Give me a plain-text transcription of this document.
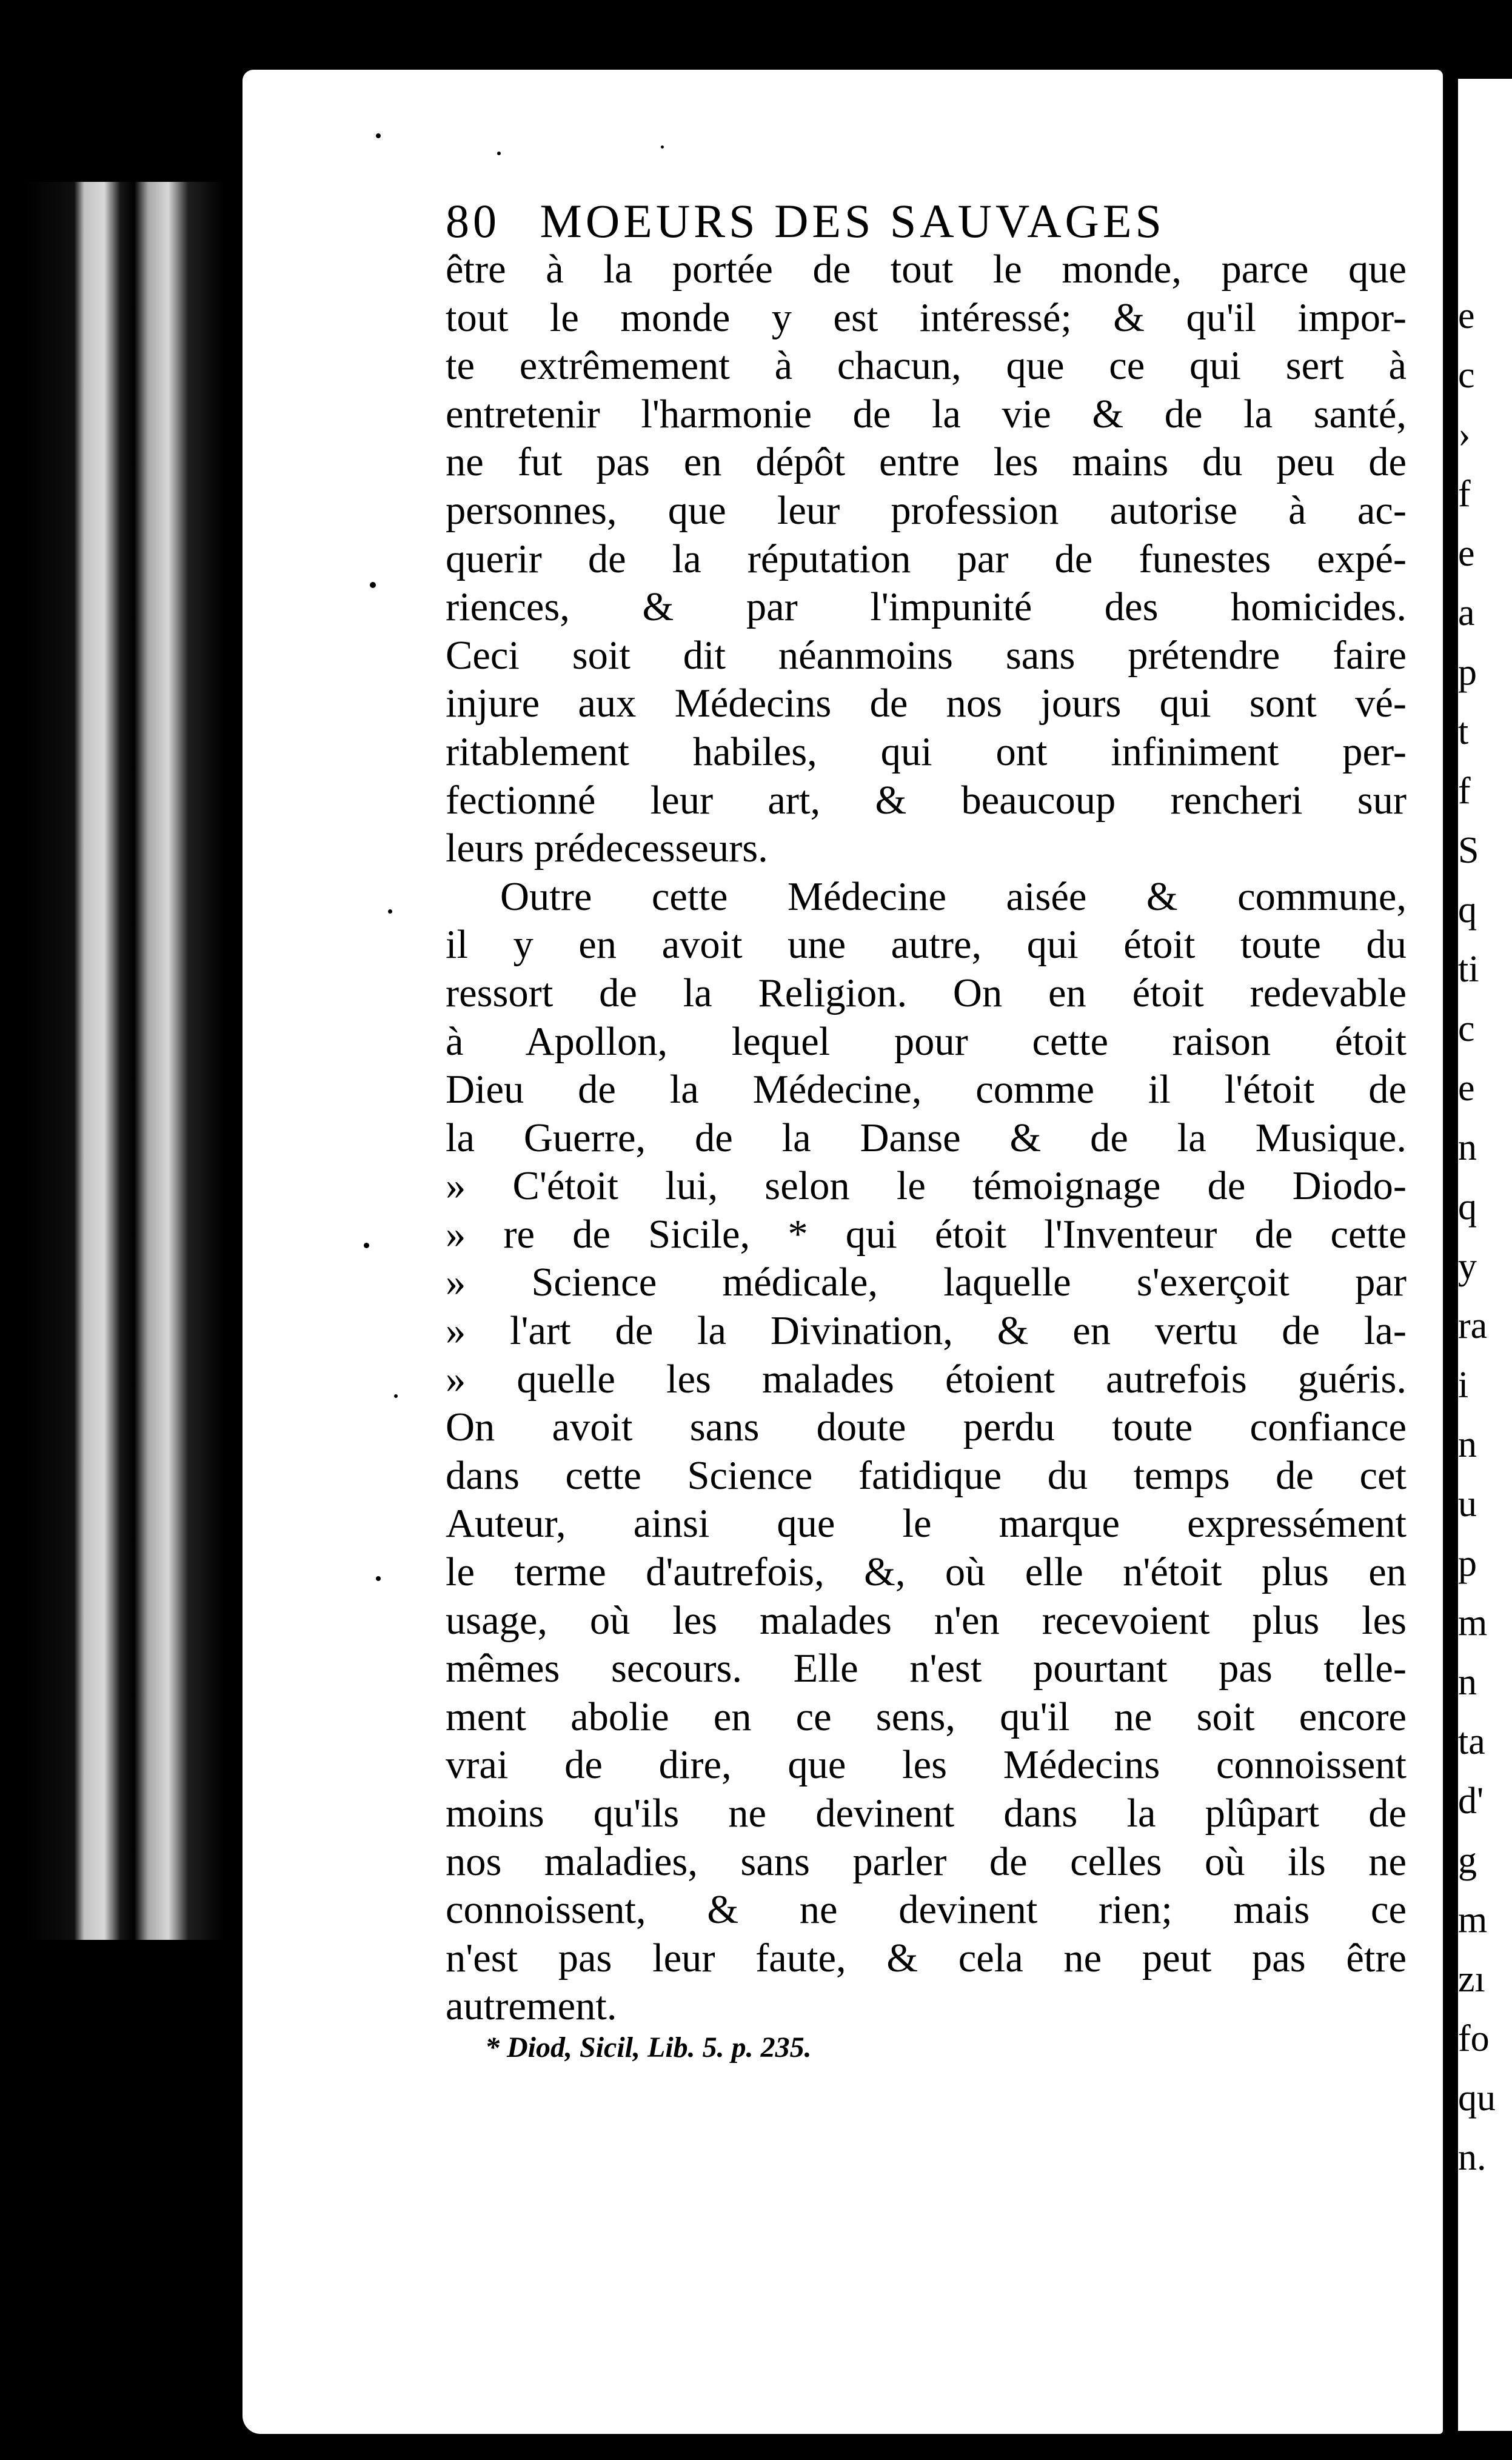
80 MOEURS DES SAUVAGES
être à la portée de tout le monde, parce que
tout le monde y est intéressé; & qu'il impor-
te extrêmement à chacun, que ce qui sert à
entretenir l'harmonie de la vie & de la santé,
ne fut pas en dépôt entre les mains du peu de
personnes, que leur profession autorise à ac-
querir de la réputation par de funestes expé-
riences, & par l'impunité des homicides.
Ceci soit dit néanmoins sans prétendre faire
injure aux Médecins de nos jours qui sont vé-
ritablement habiles, qui ont infiniment per-
fectionné leur art, & beaucoup rencheri sur
leurs prédecesseurs.
Outre cette Médecine aisée & commune,
il y en avoit une autre, qui étoit toute du
ressort de la Religion. On en étoit redevable
à Apollon, lequel pour cette raison étoit
Dieu de la Médecine, comme il l'étoit de
la Guerre, de la Danse & de la Musique.
» C'étoit lui, selon le témoignage de Diodo-
» re de Sicile, * qui étoit l'Inventeur de cette
» Science médicale, laquelle s'exerçoit par
» l'art de la Divination, & en vertu de la-
» quelle les malades étoient autrefois guéris.
On avoit sans doute perdu toute confiance
dans cette Science fatidique du temps de cet
Auteur, ainsi que le marque expressément
le terme d'autrefois, &, où elle n'étoit plus en
usage, où les malades n'en recevoient plus les
mêmes secours. Elle n'est pourtant pas telle-
ment abolie en ce sens, qu'il ne soit encore
vrai de dire, que les Médecins connoissent
moins qu'ils ne devinent dans la plûpart de
nos maladies, sans parler de celles où ils ne
connoissent, & ne devinent rien; mais ce
n'est pas leur faute, & cela ne peut pas être
autrement.
* Diod, Sicil, Lib. 5. p. 235.
e
c
›
f
e
a
p
t
f
S
q
ti
c
e
n
q
y
ra
i
n
u
p
m
n
ta
d'
g
m
zı
fo
qu
n.
